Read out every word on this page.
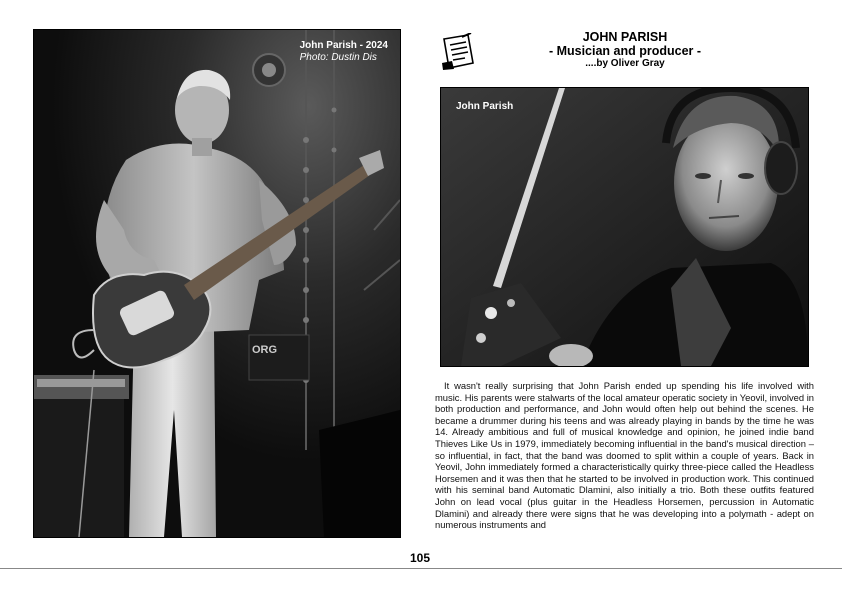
ORG
John Parish - 2024
Photo: Dustin Dis
JOHN PARISH
- Musician and producer -
....by Oliver Gray
John Parish

It wasn't really surprising that John Parish ended up spending his life involved with music. His parents were stalwarts of the local amateur operatic society in Yeovil, involved in both production and performance, and John would often help out behind the scenes. He became a drummer during his teens and was already playing in bands by the time he was 14. Already ambitious and full of musical knowledge and opinion, he joined indie band Thieves Like Us in 1979, immediately becoming influential in the band's musical direction – so influential, in fact, that the band was doomed to split within a couple of years. Back in Yeovil, John immediately formed a characteristically quirky three-piece called the Headless Horsemen and it was then that he started to be involved in production work. This continued with his seminal band Automatic Dlamini, also initially a trio. Both these outfits featured John on lead vocal (plus guitar in the Headless Horsemen, percussion in Automatic Dlamini) and already there were signs that he was developing into a polymath - adept on numerous instruments and

105
